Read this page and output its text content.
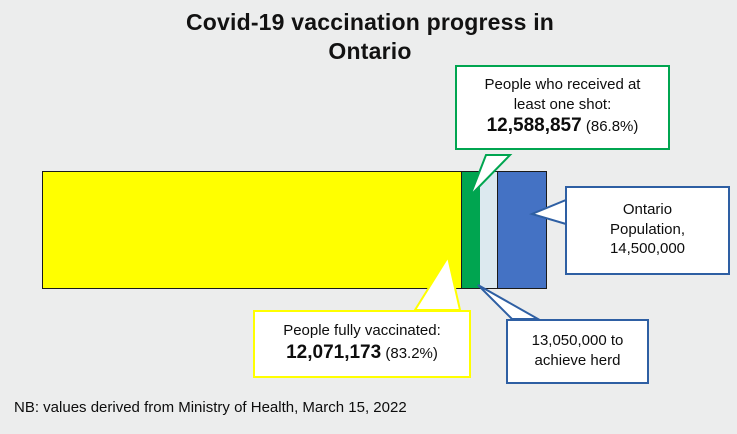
Covid-19 vaccination progress in
Ontario
People who received at
least one shot:
12,588,857 (86.8%)
Ontario
Population,
14,500,000
People fully vaccinated:
12,071,173 (83.2%)
13,050,000 to
achieve herd
NB: values derived from Ministry of Health, March 15, 2022
